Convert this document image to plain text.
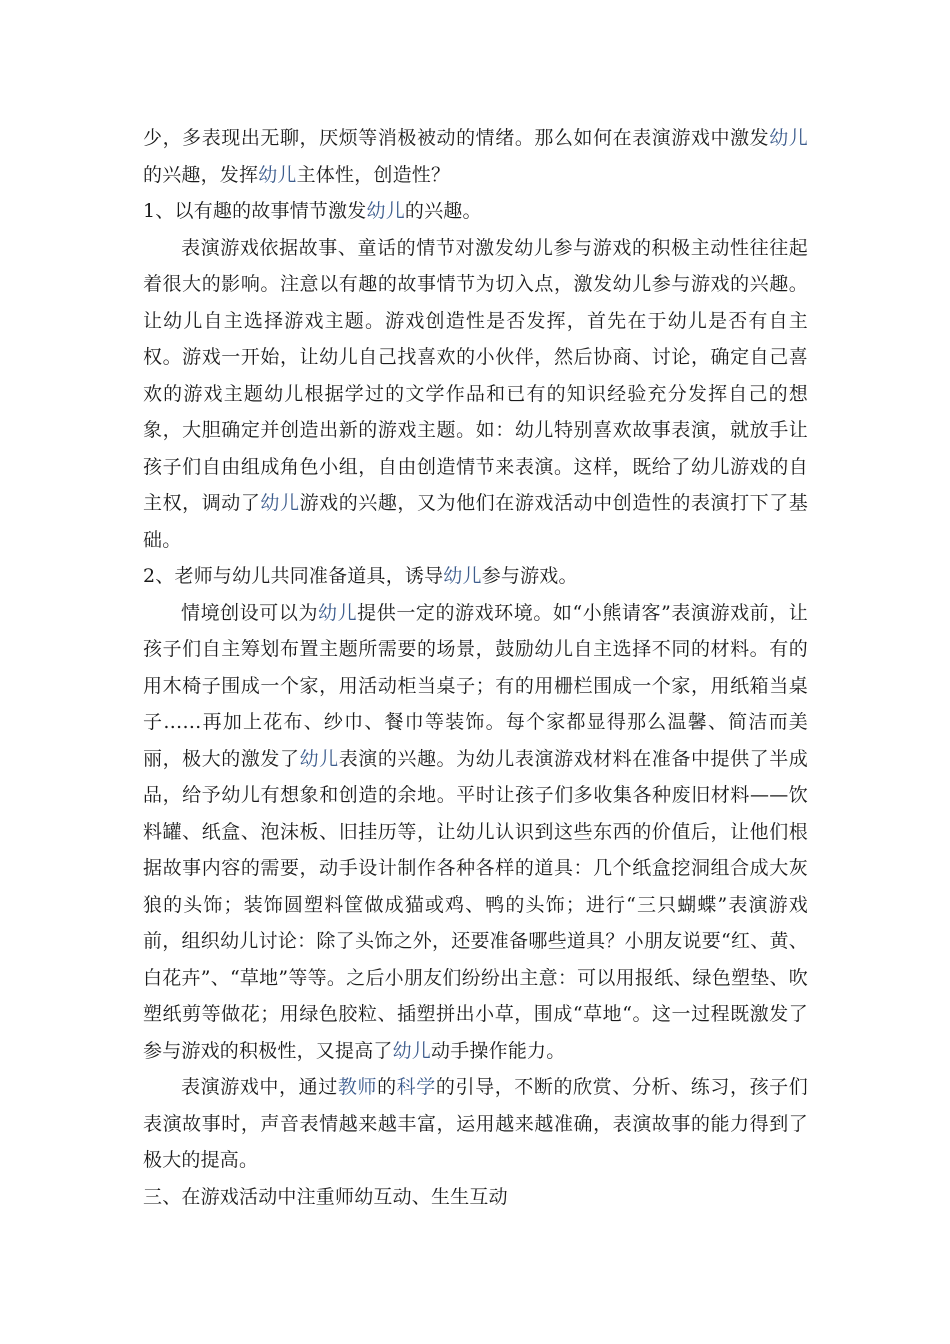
少，多表现出无聊，厌烦等消极被动的情绪。那么如何在表演游戏中激发幼儿的兴趣，发挥幼儿主体性，创造性？

1、以有趣的故事情节激发幼儿的兴趣。

表演游戏依据故事、童话的情节对激发幼儿参与游戏的积极主动性往往起着很大的影响。注意以有趣的故事情节为切入点，激发幼儿参与游戏的兴趣。让幼儿自主选择游戏主题。游戏创造性是否发挥，首先在于幼儿是否有自主权。游戏一开始，让幼儿自己找喜欢的小伙伴，然后协商、讨论，确定自己喜欢的游戏主题幼儿根据学过的文学作品和已有的知识经验充分发挥自己的想象，大胆确定并创造出新的游戏主题。如：幼儿特别喜欢故事表演，就放手让孩子们自由组成角色小组，自由创造情节来表演。这样，既给了幼儿游戏的自主权，调动了幼儿游戏的兴趣，又为他们在游戏活动中创造性的表演打下了基础。

2、老师与幼儿共同准备道具，诱导幼儿参与游戏。

情境创设可以为幼儿提供一定的游戏环境。如“小熊请客”表演游戏前，让孩子们自主筹划布置主题所需要的场景，鼓励幼儿自主选择不同的材料。有的用木椅子围成一个家，用活动柜当桌子；有的用栅栏围成一个家，用纸箱当桌子……再加上花布、纱巾、餐巾等装饰。每个家都显得那么温馨、简洁而美丽，极大的激发了幼儿表演的兴趣。为幼儿表演游戏材料在准备中提供了半成品，给予幼儿有想象和创造的余地。平时让孩子们多收集各种废旧材料——饮料罐、纸盒、泡沫板、旧挂历等，让幼儿认识到这些东西的价值后，让他们根据故事内容的需要，动手设计制作各种各样的道具：几个纸盒挖洞组合成大灰狼的头饰；装饰圆塑料筐做成猫或鸡、鸭的头饰；进行“三只蝴蝶”表演游戏前，组织幼儿讨论：除了头饰之外，还要准备哪些道具？小朋友说要“红、黄、白花卉”、“草地”等等。之后小朋友们纷纷出主意：可以用报纸、绿色塑垫、吹塑纸剪等做花；用绿色胶粒、插塑拼出小草，围成“草地“。这一过程既激发了参与游戏的积极性，又提高了幼儿动手操作能力。

表演游戏中，通过教师的科学的引导，不断的欣赏、分析、练习，孩子们表演故事时，声音表情越来越丰富，运用越来越准确，表演故事的能力得到了极大的提高。

三、在游戏活动中注重师幼互动、生生互动
